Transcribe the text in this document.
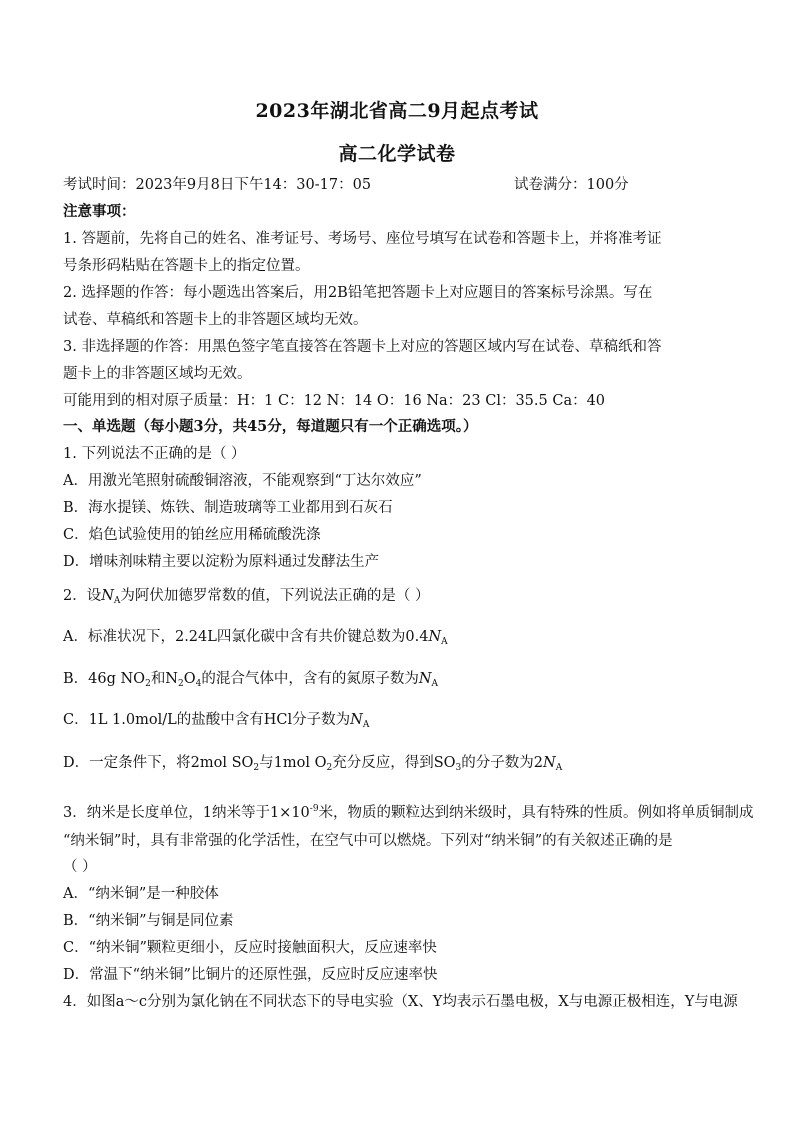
2023年湖北省高二9月起点考试
高二化学试卷
考试时间：2023年9月8日下午14：30-17：05	试卷满分：100分
注意事项：
1. 答题前，先将自己的姓名、准考证号、考场号、座位号填写在试卷和答题卡上，并将准考证
号条形码粘贴在答题卡上的指定位置。
2. 选择题的作答：每小题选出答案后，用2B铅笔把答题卡上对应题目的答案标号涂黑。写在
试卷、草稿纸和答题卡上的非答题区域均无效。
3. 非选择题的作答：用黑色签字笔直接答在答题卡上对应的答题区域内写在试卷、草稿纸和答
题卡上的非答题区域均无效。
可能用到的相对原子质量：H：1 C：12 N：14 O：16 Na：23 Cl：35.5 Ca：40
一、单选题（每小题3分，共45分，每道题只有一个正确选项。）
1. 下列说法不正确的是（ ）
A．用激光笔照射硫酸铜溶液，不能观察到“丁达尔效应”
B．海水提镁、炼铁、制造玻璃等工业都用到石灰石
C．焰色试验使用的铂丝应用稀硫酸洗涤
D．增味剂味精主要以淀粉为原料通过发酵法生产
2．设$N_A$为阿伏加德罗常数的值，下列说法正确的是（ ）
A．标准状况下，2.24L四氯化碳中含有共价键总数为$0.4N_A$
B．46g $NO_2$和$N_2O_4$的混合气体中，含有的氮原子数为$N_A$
C．1L 1.0mol/L的盐酸中含有HCl分子数为$N_A$
D．一定条件下，将2mol $SO_2$与1mol $O_2$充分反应，得到$SO_3$的分子数为$2N_A$
3．纳米是长度单位，1纳米等于$1\times 10^{-9}$米，物质的颗粒达到纳米级时，具有特殊的性质。例如将单质铜制成
“纳米铜”时，具有非常强的化学活性，在空气中可以燃烧。下列对“纳米铜”的有关叙述正确的是
（ ）
A．“纳米铜”是一种胶体
B．“纳米铜”与铜是同位素
C．“纳米铜”颗粒更细小，反应时接触面积大，反应速率快
D．常温下“纳米铜”比铜片的还原性强，反应时反应速率快
4．如图a～c分别为氯化钠在不同状态下的导电实验（X、Y均表示石墨电极，X与电源正极相连，Y与电源
